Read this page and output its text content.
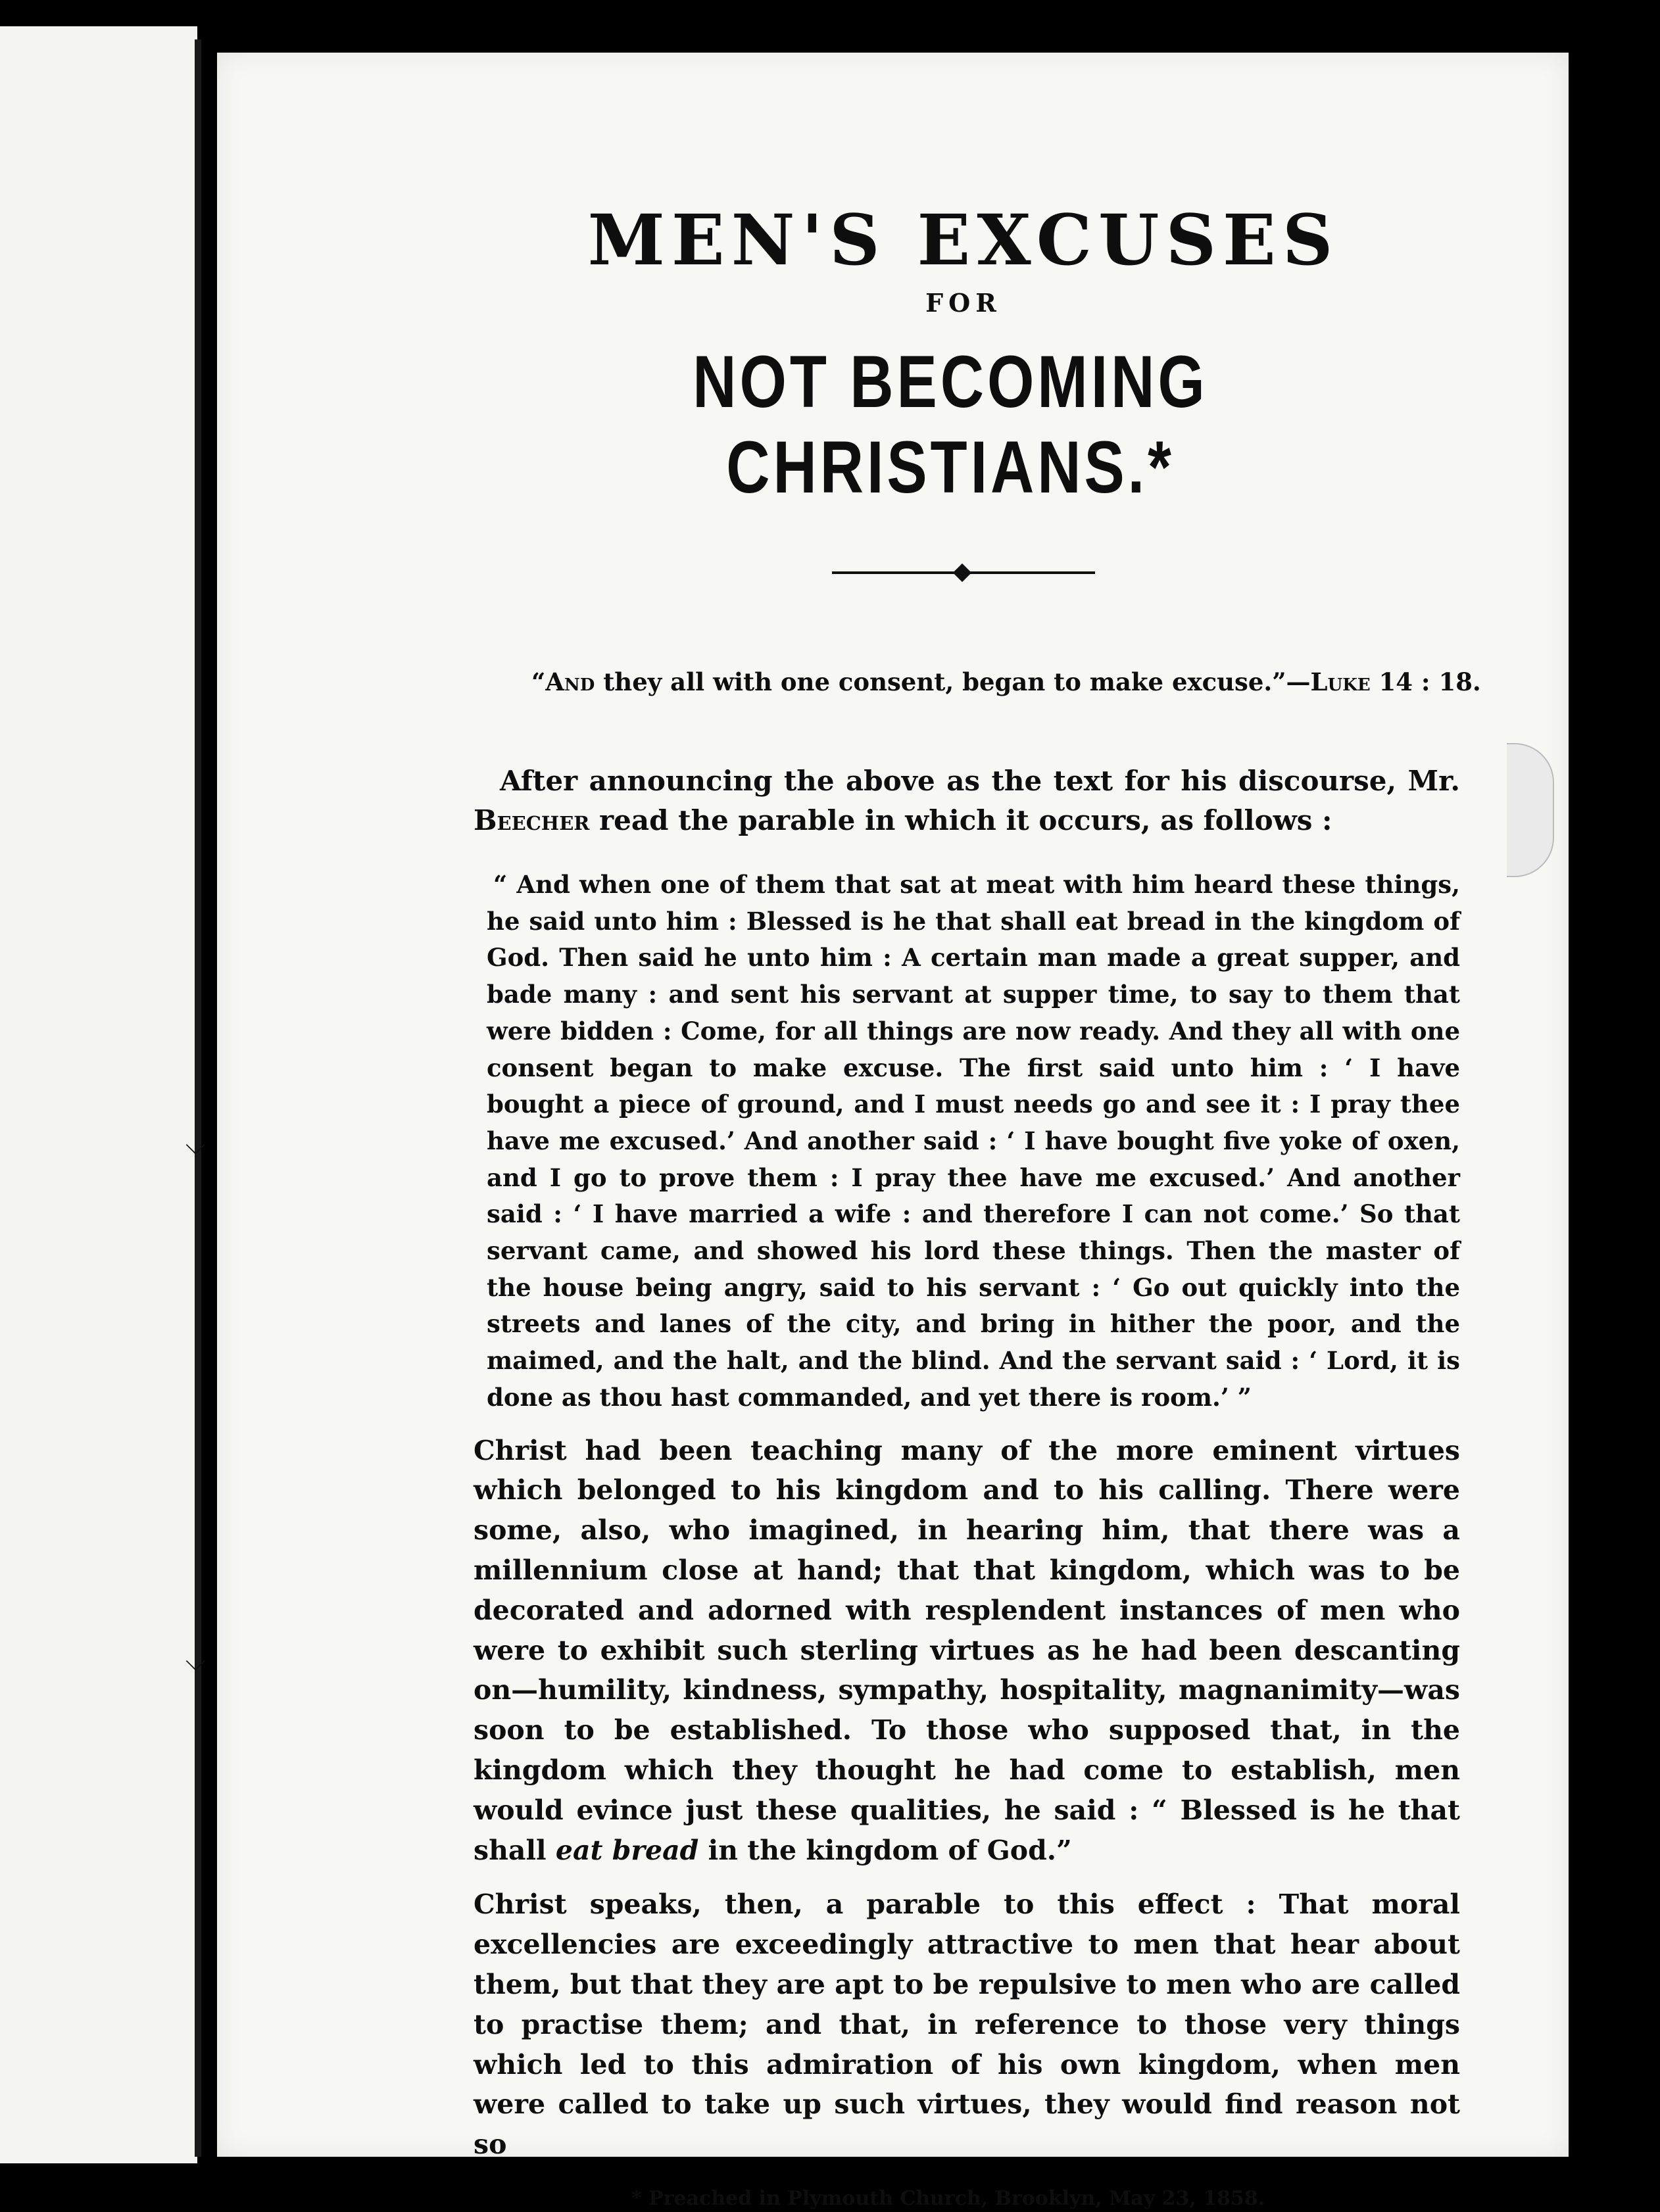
⌵
⌵
MEN'S EXCUSES
FOR
NOT BECOMING CHRISTIANS.*
“And they all with one consent, began to make excuse.”—Luke 14 : 18.

After announcing the above as the text for his discourse, Mr. Beecher read the parable in which it occurs, as follows :

“ And when one of them that sat at meat with him heard these things, he said unto him : Blessed is he that shall eat bread in the kingdom of God. Then said he unto him : A certain man made a great supper, and bade many : and sent his servant at supper time, to say to them that were bidden : Come, for all things are now ready. And they all with one consent began to make excuse. The first said unto him : ‘ I have bought a piece of ground, and I must needs go and see it : I pray thee have me excused.’ And another said : ‘ I have bought five yoke of oxen, and I go to prove them : I pray thee have me excused.’ And another said : ‘ I have married a wife : and therefore I can not come.’ So that servant came, and showed his lord these things. Then the master of the house being angry, said to his servant : ‘ Go out quickly into the streets and lanes of the city, and bring in hither the poor, and the maimed, and the halt, and the blind. And the servant said : ‘ Lord, it is done as thou hast commanded, and yet there is room.’ ”

Christ had been teaching many of the more eminent virtues which belonged to his kingdom and to his calling. There were some, also, who imagined, in hearing him, that there was a millennium close at hand; that that kingdom, which was to be decorated and adorned with resplendent instances of men who were to exhibit such sterling virtues as he had been descanting on—humility, kindness, sympathy, hospitality, magnanimity—was soon to be established. To those who supposed that, in the kingdom which they thought he had come to establish, men would evince just these qualities, he said : “ Blessed is he that shall eat bread in the kingdom of God.”

Christ speaks, then, a parable to this effect : That moral excellencies are exceedingly attractive to men that hear about them, but that they are apt to be repulsive to men who are called to practise them; and that, in reference to those very things which led to this admiration of his own kingdom, when men were called to take up such virtues, they would find reason not so

* Preached in Plymouth Church, Brooklyn, May 23, 1858.
